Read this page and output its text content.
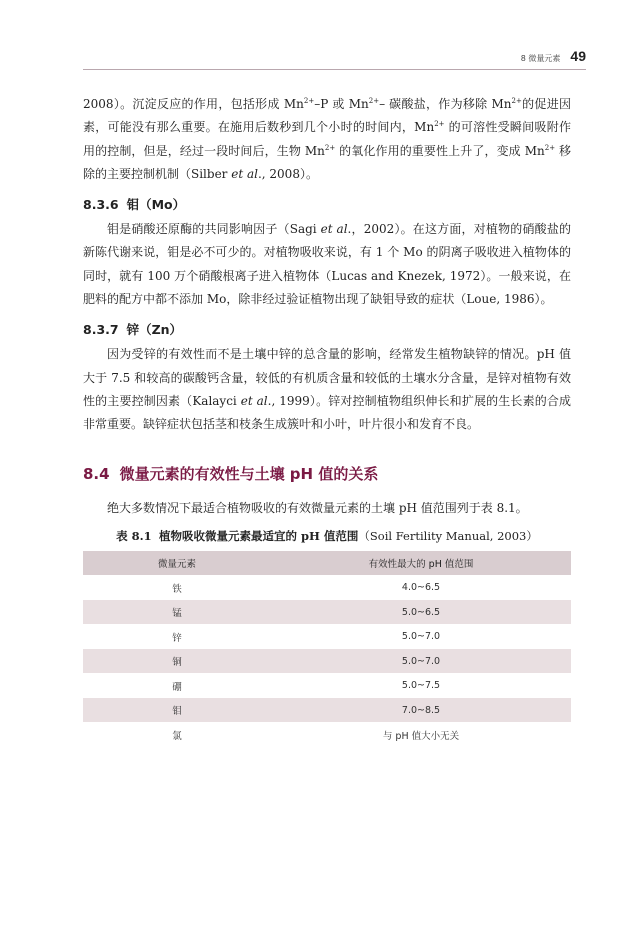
8 微量元素 49

2008）。沉淀反应的作用，包括形成 $Mn^{2+}-P$ 或 $Mn^{2+}-$ 碳酸盐，作为移除 $Mn^{2+}$的促进因素，可能没有那么重要。在施用后数秒到几个小时的时间内，$Mn^{2+}$ 的可溶性受瞬间吸附作用的控制，但是，经过一段时间后，生物 $Mn^{2+}$ 的氧化作用的重要性上升了，变成 $Mn^{2+}$ 移除的主要控制机制（Silber et al., 2008）。

8.3.6 钼（Mo）

钼是硝酸还原酶的共同影响因子（Sagi et al.，2002）。在这方面，对植物的硝酸盐的新陈代谢来说，钼是必不可少的。对植物吸收来说，有 1 个 Mo 的阴离子吸收进入植物体的同时，就有 100 万个硝酸根离子进入植物体（Lucas and Knezek, 1972）。一般来说，在肥料的配方中都不添加 Mo，除非经过验证植物出现了缺钼导致的症状（Loue, 1986）。

8.3.7 锌（Zn）

因为受锌的有效性而不是土壤中锌的总含量的影响，经常发生植物缺锌的情况。pH 值大于 7.5 和较高的碳酸钙含量，较低的有机质含量和较低的土壤水分含量，是锌对植物有效性的主要控制因素（Kalayci et al., 1999）。锌对控制植物组织伸长和扩展的生长素的合成非常重要。缺锌症状包括茎和枝条生成簇叶和小叶，叶片很小和发育不良。

8.4 微量元素的有效性与土壤 pH 值的关系

绝大多数情况下最适合植物吸收的有效微量元素的土壤 pH 值范围列于表 8.1。

表 8.1 植物吸收微量元素最适宜的 pH 值范围（Soil Fertility Manual, 2003）
微量元素	有效性最大的 pH 值范围
铁	4.0~6.5
锰	5.0~6.5
锌	5.0~7.0
铜	5.0~7.0
硼	5.0~7.5
钼	7.0~8.5
氯	与 pH 值大小无关
